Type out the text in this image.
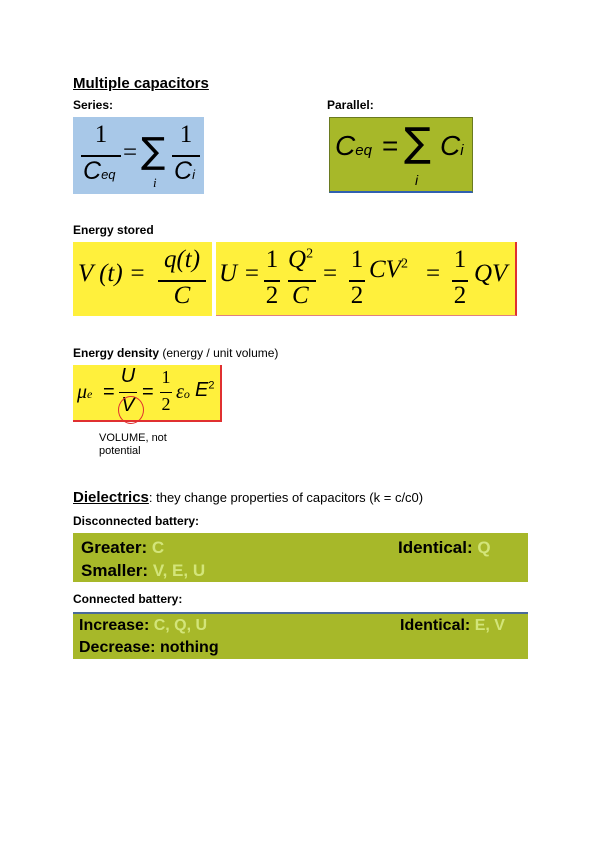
Multiple capacitors
Series:	Parallel:
1
Ceq
= ∑
i
1
Ci
Ceq = ∑
i
Ci
Energy stored
V (t) =
q(t)
C
U =
1
2
$Q^2$
C
=
1
2
$CV^2$ =
1
2
QV
Energy density (energy / unit volume)
μe =
U
V
=
1
2
εo $E^2$
VOLUME, not potential
Dielectrics: they change properties of capacitors (k = c/c0)
Disconnected battery:
Greater: C	Identical: Q
Smaller: V, E, U
Connected battery:
Increase: C, Q, U	Identical: E, V
Decrease: nothing
